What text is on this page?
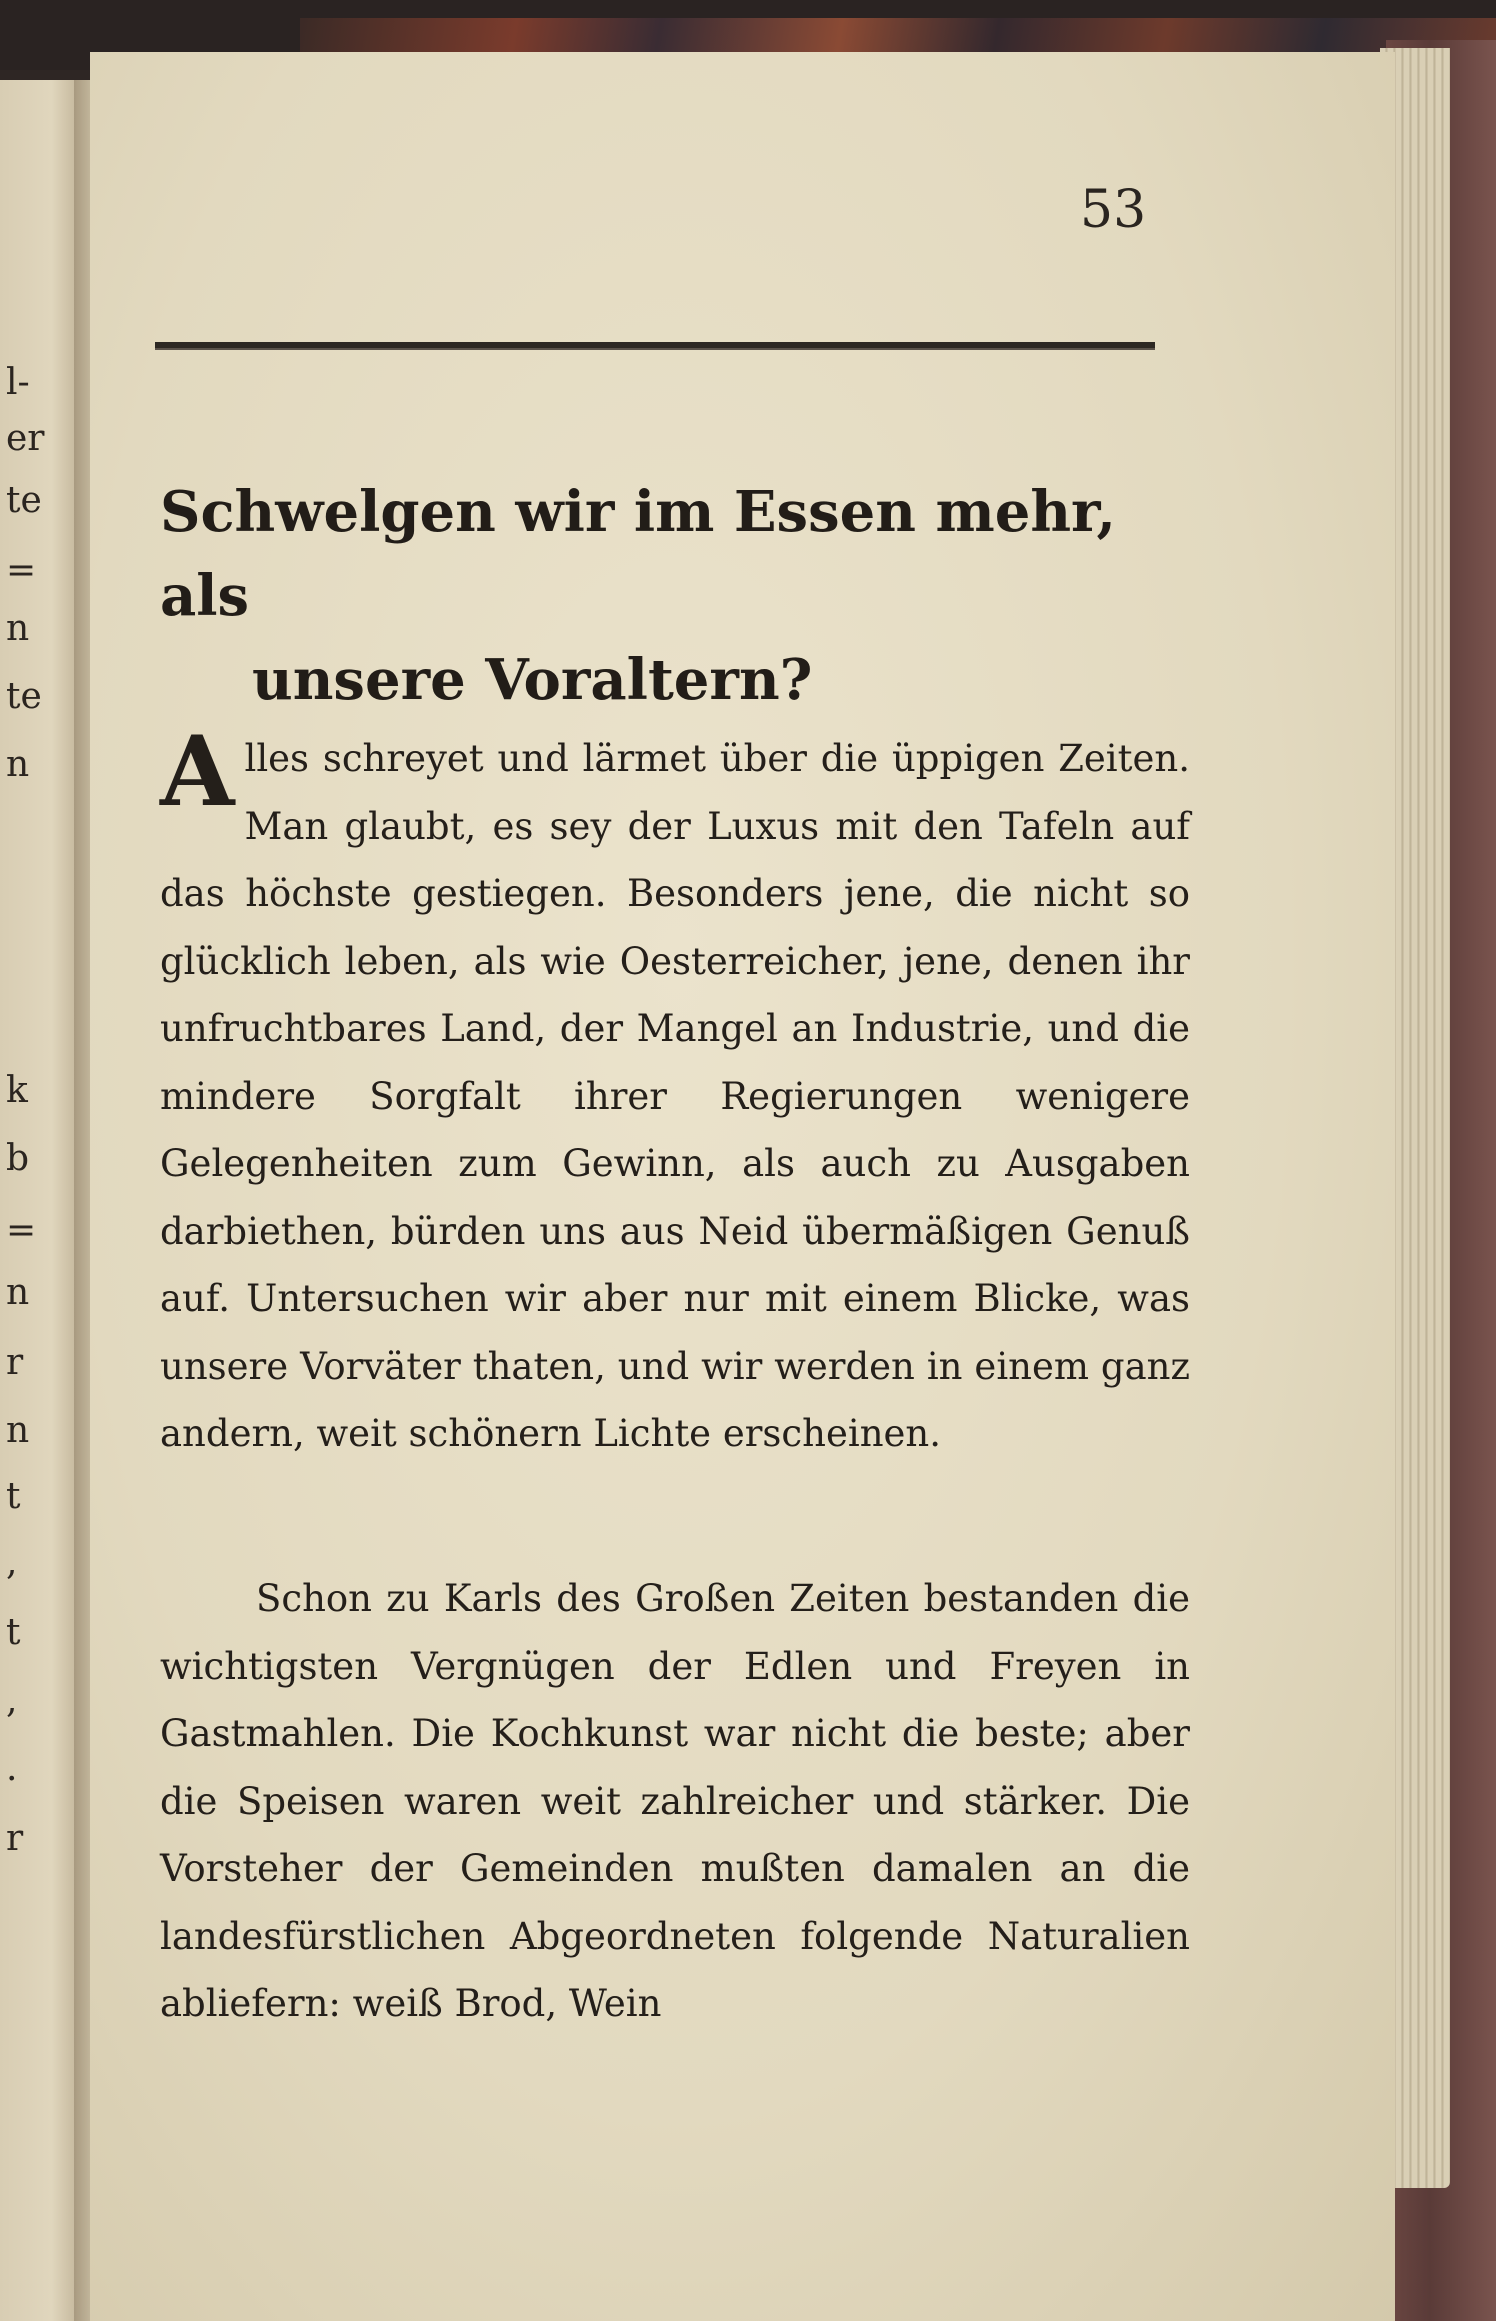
l-
er
te
=
n
te
n
k
b
=
n
r
n
t
,
t
,
.
r
53
Schwelgen wir im Essen mehr, als
unsere Voraltern?
Alles schreyet und lärmet über die üppigen Zeiten. Man glaubt, es sey der Luxus mit den Tafeln auf das höchste gestiegen. Besonders jene, die nicht so glücklich leben, als wie Oesterreicher, jene, denen ihr unfruchtbares Land, der Mangel an Industrie, und die mindere Sorgfalt ihrer Regierungen wenigere Gelegenheiten zum Gewinn, als auch zu Ausgaben darbiethen, bürden uns aus Neid übermäßigen Genuß auf. Untersuchen wir aber nur mit einem Blicke, was unsere Vorväter thaten, und wir werden in einem ganz andern, weit schönern Lichte erscheinen.
Schon zu Karls des Großen Zeiten bestanden die wichtigsten Vergnügen der Edlen und Freyen in Gastmahlen. Die Kochkunst war nicht die beste; aber die Speisen waren weit zahlreicher und stärker. Die Vorsteher der Gemeinden mußten damalen an die landesfürstlichen Abgeordneten folgende Naturalien abliefern: weiß Brod, Wein
